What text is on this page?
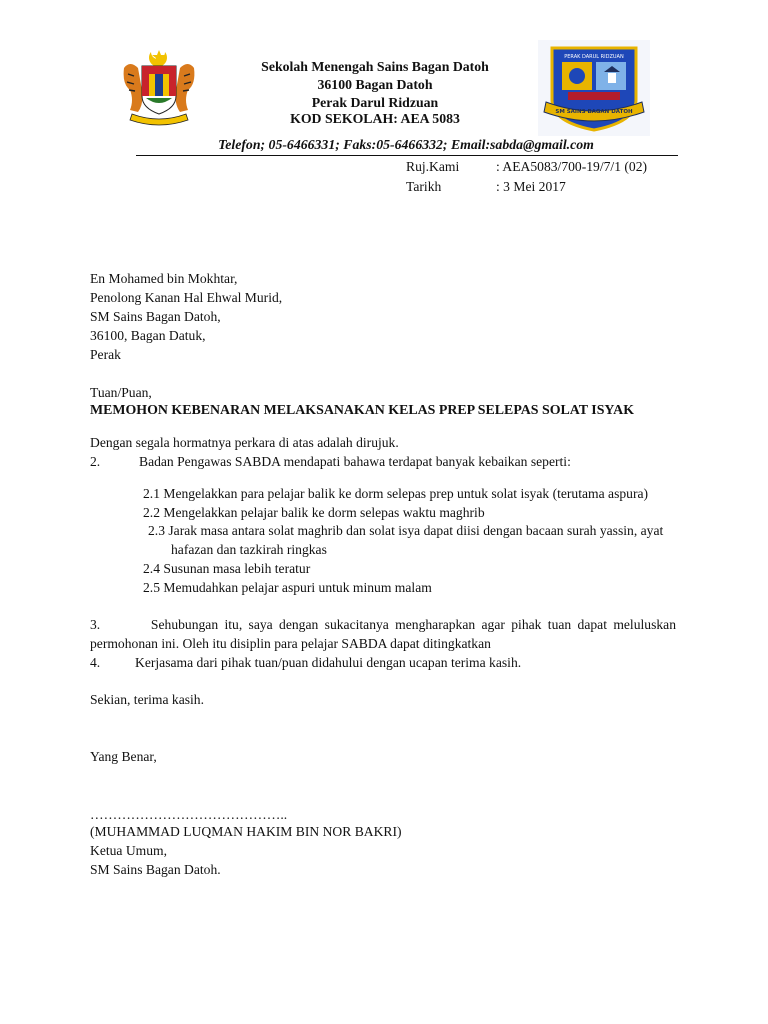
PERAK DARUL RIDZUAN
SM SAINS BAGAN DATOH
Sekolah Menengah Sains Bagan Datoh
36100 Bagan Datoh
Perak Darul Ridzuan
KOD SEKOLAH: AEA 5083
Telefon; 05-6466331; Faks:05-6466332; Email:sabda@gmail.com
Ruj.Kami	: AEA5083/700-19/7/1 (02)
Tarikh	: 3 Mei 2017
En Mohamed bin Mokhtar,
Penolong Kanan Hal Ehwal Murid,
SM Sains Bagan Datoh,
36100, Bagan Datuk,
Perak
Tuan/Puan,
MEMOHON KEBENARAN MELAKSANAKAN KELAS PREP SELEPAS SOLAT ISYAK
Dengan segala hormatnya perkara di atas adalah dirujuk.
2.	Badan Pengawas SABDA mendapati bahawa terdapat banyak kebaikan seperti:
2.1 Mengelakkan para pelajar balik ke dorm selepas prep untuk solat isyak (terutama aspura)
2.2 Mengelakkan pelajar balik ke dorm selepas waktu maghrib
2.3 Jarak masa antara solat maghrib dan solat isya dapat diisi dengan bacaan surah yassin, ayat
hafazan dan tazkirah ringkas
2.4 Susunan masa lebih teratur
2.5 Memudahkan pelajar aspuri untuk minum malam
3.        Sehubungan itu, saya dengan sukacitanya mengharapkan agar pihak tuan dapat meluluskan
permohonan ini. Oleh itu disiplin para pelajar SABDA dapat ditingkatkan
4.	Kerjasama dari pihak tuan/puan didahului dengan ucapan terima kasih.
Sekian, terima kasih.
Yang Benar,
……………………………………..
(MUHAMMAD LUQMAN HAKIM BIN NOR BAKRI)
Ketua Umum,
SM Sains Bagan Datoh.
